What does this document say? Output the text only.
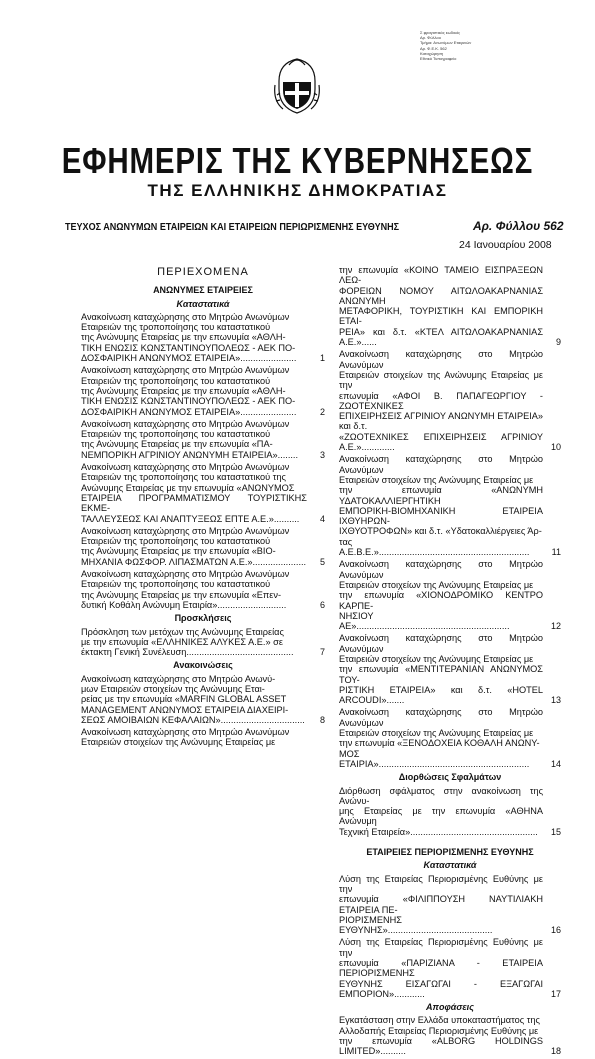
Σ φραγιστικός κωδικός
Αρ. Φύλλου
Τμήμα: Ανωνύμων Εταιρειών
Αρ. Φ.Ε.Κ. 562
Καταχώρηση
Εθνικό Τυπογραφείο
ΕΦΗΜΕΡΙΣ ΤΗΣ ΚΥΒΕΡΝΗΣΕΩΣ
ΤΗΣ ΕΛΛΗΝΙΚΗΣ ΔΗΜΟΚΡΑΤΙΑΣ
ΤΕΥΧΟΣ ΑΝΩΝΥΜΩΝ ΕΤΑΙΡΕΙΩΝ ΚΑΙ ΕΤΑΙΡΕΙΩΝ ΠΕΡΙΩΡΙΣΜΕΝΗΣ ΕΥΘΥΝΗΣ	Αρ. Φύλλου 562
24 Ιανουαρίου 2008
ΠΕΡΙΕΧΟΜΕΝΑ
ΑΝΩΝΥΜΕΣ ΕΤΑΙΡΕΙΕΣ
Καταστατικά
Ανακοίνωση καταχώρησης στο Μητρώο Ανωνύμων
Εταιρειών της τροποποίησης του καταστατικού
της Ανώνυμης Εταιρείας με την επωνυμία «ΑΘΛΗ-
ΤΙΚΗ ΕΝΩΣΙΣ ΚΩΝΣΤΑΝΤΙΝΟΥΠΟΛΕΩΣ - ΑΕΚ ΠΟ-
ΔΟΣΦΑΙΡΙΚΗ ΑΝΩΝΥΜΟΣ ΕΤΑΙΡΕΙΑ»......................	1
Ανακοίνωση καταχώρησης στο Μητρώο Ανωνύμων
Εταιρειών της τροποποίησης του καταστατικού
της Ανώνυμης Εταιρείας με την επωνυμία «ΑΘΛΗ-
ΤΙΚΗ ΕΝΩΣΙΣ ΚΩΝΣΤΑΝΤΙΝΟΥΠΟΛΕΩΣ - ΑΕΚ ΠΟ-
ΔΟΣΦΑΙΡΙΚΗ ΑΝΩΝΥΜΟΣ ΕΤΑΙΡΕΙΑ»......................	2
Ανακοίνωση καταχώρησης στο Μητρώο Ανωνύμων
Εταιρειών της τροποποίησης του καταστατικού
της Ανώνυμης Εταιρείας με την επωνυμία «ΠΑ-
ΝΕΜΠΟΡΙΚΗ ΑΓΡΙΝΙΟΥ ΑΝΩΝΥΜΗ ΕΤΑΙΡΕΙΑ»........	3
Ανακοίνωση καταχώρησης στο Μητρώο Ανωνύμων
Εταιρειών της τροποποίησης του καταστατικού της
Ανώνυμης Εταιρείας με την επωνυμία «ΑΝΩΝΥΜΟΣ
ΕΤΑΙΡΕΙΑ ΠΡΟΓΡΑΜΜΑΤΙΣΜΟΥ ΤΟΥΡΙΣΤΙΚΗΣ ΕΚΜΕ-
ΤΑΛΛΕΥΣΕΩΣ ΚΑΙ ΑΝΑΠΤΥΞΕΩΣ ΕΠΤΕ Α.Ε.»..........	4
Ανακοίνωση καταχώρησης στο Μητρώο Ανωνύμων
Εταιρειών της τροποποίησης του καταστατικού
της Ανώνυμης Εταιρείας με την επωνυμία «ΒΙΟ-
ΜΗΧΑΝΙΑ ΦΩΣΦΟΡ. ΛΙΠΑΣΜΑΤΩΝ Α.Ε.»..................... 5
Ανακοίνωση καταχώρησης στο Μητρώο Ανωνύμων
Εταιρειών της τροποποίησης του καταστατικού
της Ανώνυμης Εταιρείας με την επωνυμία «Επεν-
δυτική Κοθάλη Ανώνυμη Εταιρία»...........................	6
Προσκλήσεις
Πρόσκληση των μετόχων της Ανώνυμης Εταιρείας
με την επωνυμία «ΕΛΛΗΝΙΚΕΣ ΑΛΥΚΕΣ Α.Ε.» σε
έκτακτη Γενική Συνέλευση..........................................	7
Ανακοινώσεις
Ανακοίνωση καταχώρησης στο Μητρώο Ανωνύ-
μων Εταιρειών στοιχείων της Ανώνυμης Εται-
ρείας με την επωνυμία «MARFIN GLOBAL ASSET
MANAGEMENT ΑΝΩΝΥΜΟΣ ΕΤΑΙΡΕΙΑ ΔΙΑΧΕΙΡΙ-
ΣΕΩΣ ΑΜΟΙΒΑΙΩΝ ΚΕΦΑΛΑΙΩΝ»................................. 8
Ανακοίνωση καταχώρησης στο Μητρώο Ανωνύμων
Εταιρειών στοιχείων της Ανώνυμης Εταιρείας με
την επωνυμία «ΚΟΙΝΟ ΤΑΜΕΙΟ ΕΙΣΠΡΑΞΕΩΝ ΛΕΩ-
ΦΟΡΕΙΩΝ ΝΟΜΟΥ ΑΙΤΩΛΟΑΚΑΡΝΑΝΙΑΣ ΑΝΩΝΥΜΗ
ΜΕΤΑΦΟΡΙΚΗ, ΤΟΥΡΙΣΤΙΚΗ ΚΑΙ ΕΜΠΟΡΙΚΗ ΕΤΑΙ-
ΡΕΙΑ» και δ.τ. «ΚΤΕΛ ΑΙΤΩΛΟΑΚΑΡΝΑΝΙΑΣ Α.Ε.»......	9
Ανακοίνωση καταχώρησης στο Μητρώο Ανωνύμων
Εταιρειών στοιχείων της Ανώνυμης Εταιρείας με την
επωνυμία «ΑΦΟΙ Β. ΠΑΠΑΓΕΩΡΓΙΟΥ - ΖΩΟΤΕΧΝΙΚΕΣ
ΕΠΙΧΕΙΡΗΣΕΙΣ ΑΓΡΙΝΙΟΥ ΑΝΩΝΥΜΗ ΕΤΑΙΡΕΙΑ» και δ.τ.
«ΖΩΟΤΕΧΝΙΚΕΣ ΕΠΙΧΕΙΡΗΣΕΙΣ ΑΓΡΙΝΙΟΥ Α.Ε.».............	10
Ανακοίνωση καταχώρησης στο Μητρώο Ανωνύμων
Εταιρειών στοιχείων της Ανώνυμης Εταιρείας με
την επωνυμία «ΑΝΩΝΥΜΗ ΥΔΑΤΟΚΑΛΛΙΕΡΓΗΤΙΚΗ
ΕΜΠΟΡΙΚΗ-ΒΙΟΜΗΧΑΝΙΚΗ ΕΤΑΙΡΕΙΑ ΙΧΘΥΗΡΩΝ-
ΙΧΘΥΟΤΡΟΦΩΝ» και δ.τ. «Υδατοκαλλιέργειες Άρ-
τας Α.Ε.Β.Ε.»...........................................................	11
Ανακοίνωση καταχώρησης στο Μητρώο Ανωνύμων
Εταιρειών στοιχείων της Ανώνυμης Εταιρείας με
την επωνυμία «ΧΙΟΝΟΔΡΟΜΙΚΟ ΚΕΝΤΡΟ ΚΑΡΠΕ-
ΝΗΣΙΟΥ ΑΕ»............................................................	12
Ανακοίνωση καταχώρησης στο Μητρώο Ανωνύμων
Εταιρειών στοιχείων της Ανώνυμης Εταιρείας με
την επωνυμία «ΜΕΝΤΙΤΕΡΑΝΙΑΝ ΑΝΩΝΥΜΟΣ ΤΟΥ-
ΡΙΣΤΙΚΗ ΕΤΑΙΡΕΙΑ» και δ.τ. «HOTEL ARCOUDI».......	13
Ανακοίνωση καταχώρησης στο Μητρώο Ανωνύμων
Εταιρειών στοιχείων της Ανώνυμης Εταιρείας με
την επωνυμία «ΞΕΝΟΔΟΧΕΙΑ ΚΟΘΑΛΗ ΑΝΩΝΥ-
ΜΟΣ ΕΤΑΙΡΙΑ»...........................................................	14
Διορθώσεις Σφαλμάτων
Διόρθωση σφάλματος στην ανακοίνωση της Ανώνυ-
μης Εταιρείας με την επωνυμία «ΑΘΗΝΑ Ανώνυμη
Τεχνική Εταιρεία»..................................................	15
ΕΤΑΙΡΕΙΕΣ ΠΕΡΙΟΡΙΣΜΕΝΗΣ ΕΥΘΥΝΗΣ
Καταστατικά
Λύση της Εταιρείας Περιορισμένης Ευθύνης με την
επωνυμία «ΦΙΛΙΠΠΟΥΣΗ ΝΑΥΤΙΛΙΑΚΗ ΕΤΑΙΡΕΙΑ ΠΕ-
ΡΙΟΡΙΣΜΕΝΗΣ ΕΥΘΥΝΗΣ».........................................	16
Λύση της Εταιρείας Περιορισμένης Ευθύνης με την
επωνυμία «ΠΑΡΙΖΙΑΝΑ - ΕΤΑΙΡΕΙΑ ΠΕΡΙΟΡΙΣΜΕΝΗΣ
ΕΥΘΥΝΗΣ ΕΙΣΑΓΩΓΑΙ - ΕΞΑΓΩΓΑΙ ΕΜΠΟΡΙΟΝ»............	17
Αποφάσεις
Εγκατάσταση στην Ελλάδα υποκαταστήματος της
Αλλοδαπής Εταιρείας Περιορισμένης Ευθύνης με
την επωνυμία «ALBORG HOLDINGS LIMITED»..........	18
